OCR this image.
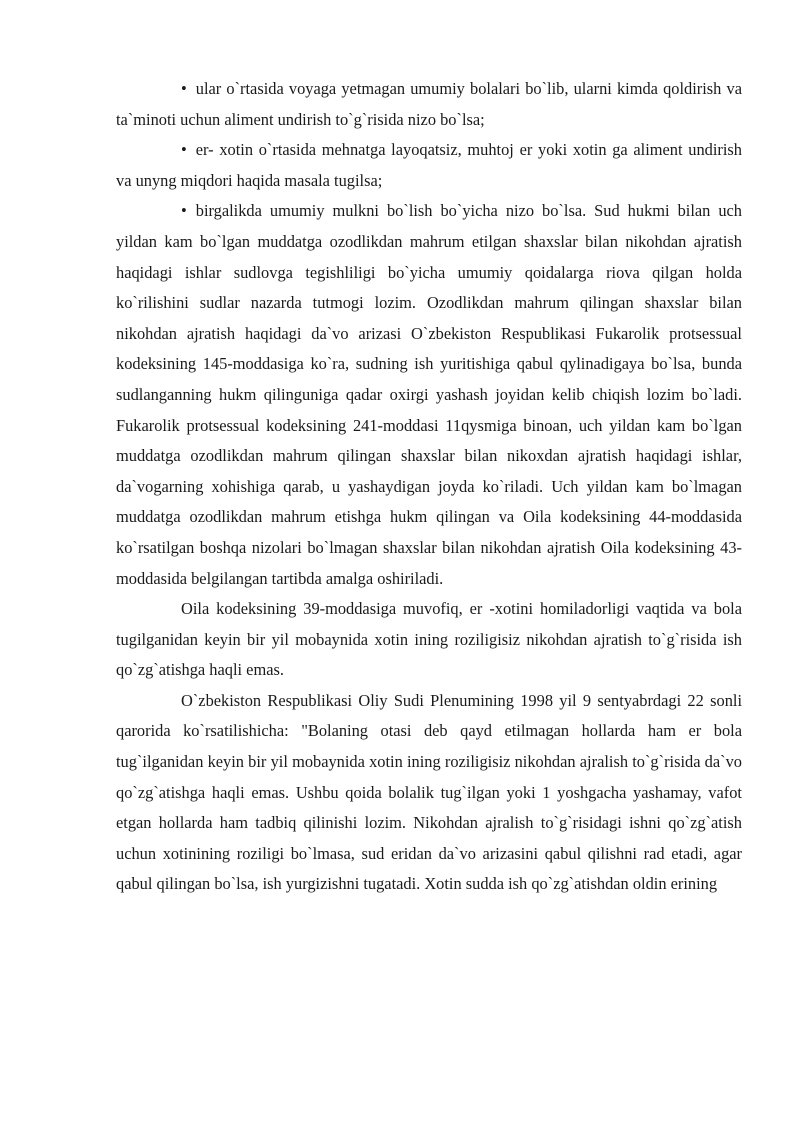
• ular o`rtasida voyaga yetmagan umumiy bolalari bo`lib, ularni kimda qoldirish va ta`minoti uchun aliment undirish to`g`risida nizo bo`lsa;

• er- xotin o`rtasida mehnatga layoqatsiz, muhtoj er yoki xotin ga aliment undirish va unyng miqdori haqida masala tugilsa;

• birgalikda umumiy mulkni bo`lish bo`yicha nizo bo`lsa. Sud hukmi bilan uch yildan kam bo`lgan muddatga ozodlikdan mahrum etilgan shaxslar bilan nikohdan ajratish haqidagi ishlar sudlovga tegishliligi bo`yicha umumiy qoidalarga riova qilgan holda ko`rilishini sudlar nazarda tutmogi lozim. Ozodlikdan mahrum qilingan shaxslar bilan nikohdan ajratish haqidagi da`vo arizasi O`zbekiston Respublikasi Fukarolik protsessual kodeksining 145-moddasiga ko`ra, sudning ish yuritishiga qabul qylinadigaya bo`lsa, bunda sudlanganning hukm qilinguniga qadar oxirgi yashash joyidan kelib chiqish lozim bo`ladi. Fukarolik protsessual kodeksining 241-moddasi 11qysmiga binoan, uch yildan kam bo`lgan muddatga ozodlikdan mahrum qilingan shaxslar bilan nikoxdan ajratish haqidagi ishlar, da`vogarning xohishiga qarab, u yashaydigan joyda ko`riladi. Uch yildan kam bo`lmagan muddatga ozodlikdan mahrum etishga hukm qilingan va Oila kodeksining 44-moddasida ko`rsatilgan boshqa nizolari bo`lmagan shaxslar bilan nikohdan ajratish Oila kodeksining 43-moddasida belgilangan tartibda amalga oshiriladi.

Oila kodeksining 39-moddasiga muvofiq, er -xotini homiladorligi vaqtida va bola tugilganidan keyin bir yil mobaynida xotin ining roziligisiz nikohdan ajratish to`g`risida ish qo`zg`atishga haqli emas.

O`zbekiston Respublikasi Oliy Sudi Plenumining 1998 yil 9 sentyabrdagi 22 sonli qarorida ko`rsatilishicha: "Bolaning otasi deb qayd etilmagan hollarda ham er bola tug`ilganidan keyin bir yil mobaynida xotin ining roziligisiz nikohdan ajralish to`g`risida da`vo qo`zg`atishga haqli emas. Ushbu qoida bolalik tug`ilgan yoki 1 yoshgacha yashamay, vafot etgan hollarda ham tadbiq qilinishi lozim. Nikohdan ajralish to`g`risidagi ishni qo`zg`atish uchun xotinining roziligi bo`lmasa, sud eridan da`vo arizasini qabul qilishni rad etadi, agar qabul qilingan bo`lsa, ish yurgizishni tugatadi. Xotin sudda ish qo`zg`atishdan oldin erining
